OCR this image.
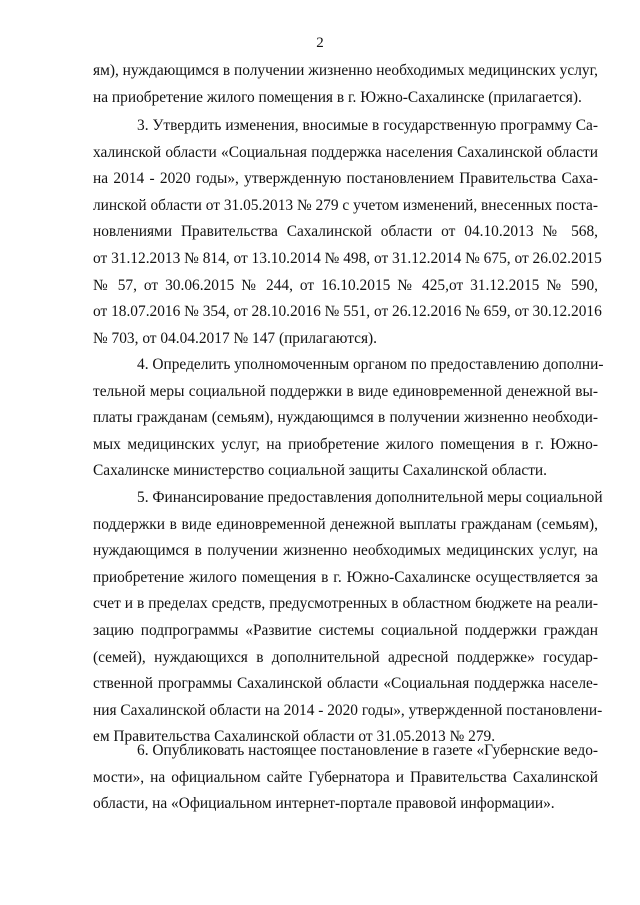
2
ям), нуждающимся в получении жизненно необходимых медицинских услуг,
на приобретение жилого помещения в г. Южно-Сахалинске (прилагается).
3. Утвердить изменения, вносимые в государственную программу Са-
халинской области «Социальная поддержка населения Сахалинской области
на 2014 - 2020 годы», утвержденную постановлением Правительства Саха-
линской области от 31.05.2013 № 279 с учетом изменений, внесенных поста-
новлениями Правительства Сахалинской области от 04.10.2013 № 568,
от 31.12.2013 № 814, от 13.10.2014 № 498, от 31.12.2014 № 675, от 26.02.2015
№ 57, от 30.06.2015 № 244, от 16.10.2015 № 425,от 31.12.2015 № 590,
от 18.07.2016 № 354, от 28.10.2016 № 551, от 26.12.2016 № 659, от 30.12.2016
№ 703, от 04.04.2017 № 147 (прилагаются).
4. Определить уполномоченным органом по предоставлению дополни-
тельной меры социальной поддержки в виде единовременной денежной вы-
платы гражданам (семьям), нуждающимся в получении жизненно необходи-
мых медицинских услуг, на приобретение жилого помещения в г. Южно-
Сахалинске министерство социальной защиты Сахалинской области.
5. Финансирование предоставления дополнительной меры социальной
поддержки в виде единовременной денежной выплаты гражданам (семьям),
нуждающимся в получении жизненно необходимых медицинских услуг, на
приобретение жилого помещения в г. Южно-Сахалинске осуществляется за
счет и в пределах средств, предусмотренных в областном бюджете на реали-
зацию подпрограммы «Развитие системы социальной поддержки граждан
(семей), нуждающихся в дополнительной адресной поддержке» государ-
ственной программы Сахалинской области «Социальная поддержка населе-
ния Сахалинской области на 2014 - 2020 годы», утвержденной постановлени-
ем Правительства Сахалинской области от 31.05.2013 № 279.
6. Опубликовать настоящее постановление в газете «Губернские ведо-
мости», на официальном сайте Губернатора и Правительства Сахалинской
области, на «Официальном интернет-портале правовой информации».
